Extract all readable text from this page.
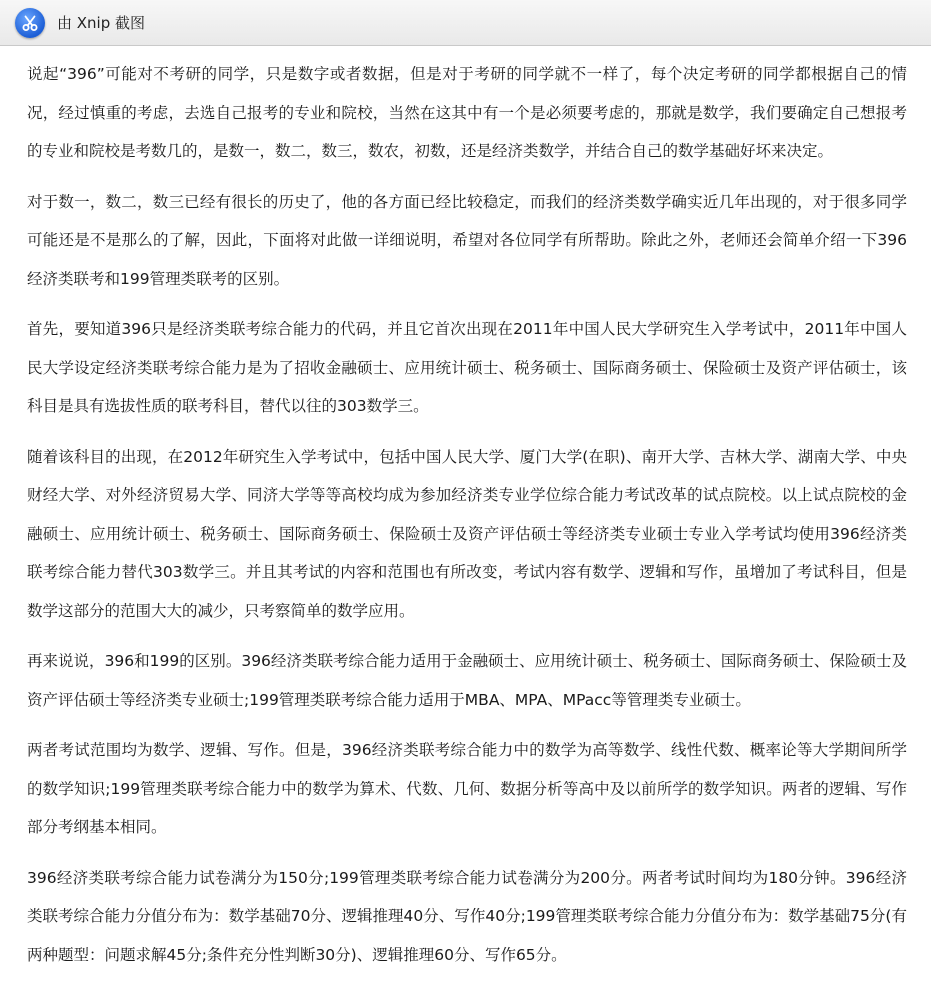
由 Xnip 截图

说起“396”可能对不考研的同学，只是数字或者数据，但是对于考研的同学就不一样了，每个决定考研的同学都根据自己的情况，经过慎重的考虑，去选自己报考的专业和院校，当然在这其中有一个是必须要考虑的，那就是数学，我们要确定自己想报考的专业和院校是考数几的，是数一，数二，数三，数农，初数，还是经济类数学，并结合自己的数学基础好坏来决定。

对于数一，数二，数三已经有很长的历史了，他的各方面已经比较稳定，而我们的经济类数学确实近几年出现的，对于很多同学可能还是不是那么的了解，因此，下面将对此做一详细说明，希望对各位同学有所帮助。除此之外，老师还会简单介绍一下396经济类联考和199管理类联考的区别。

首先，要知道396只是经济类联考综合能力的代码，并且它首次出现在2011年中国人民大学研究生入学考试中，2011年中国人民大学设定经济类联考综合能力是为了招收金融硕士、应用统计硕士、税务硕士、国际商务硕士、保险硕士及资产评估硕士，该科目是具有选拔性质的联考科目，替代以往的303数学三。

随着该科目的出现，在2012年研究生入学考试中，包括中国人民大学、厦门大学(在职)、南开大学、吉林大学、湖南大学、中央财经大学、对外经济贸易大学、同济大学等等高校均成为参加经济类专业学位综合能力考试改革的试点院校。以上试点院校的金融硕士、应用统计硕士、税务硕士、国际商务硕士、保险硕士及资产评估硕士等经济类专业硕士专业入学考试均使用396经济类联考综合能力替代303数学三。并且其考试的内容和范围也有所改变，考试内容有数学、逻辑和写作，虽增加了考试科目，但是数学这部分的范围大大的减少，只考察简单的数学应用。

再来说说，396和199的区别。396经济类联考综合能力适用于金融硕士、应用统计硕士、税务硕士、国际商务硕士、保险硕士及资产评估硕士等经济类专业硕士;199管理类联考综合能力适用于MBA、MPA、MPacc等管理类专业硕士。

两者考试范围均为数学、逻辑、写作。但是，396经济类联考综合能力中的数学为高等数学、线性代数、概率论等大学期间所学的数学知识;199管理类联考综合能力中的数学为算术、代数、几何、数据分析等高中及以前所学的数学知识。两者的逻辑、写作部分考纲基本相同。

396经济类联考综合能力试卷满分为150分;199管理类联考综合能力试卷满分为200分。两者考试时间均为180分钟。396经济类联考综合能力分值分布为：数学基础70分、逻辑推理40分、写作40分;199管理类联考综合能力分值分布为：数学基础75分(有两种题型：问题求解45分;条件充分性判断30分)、逻辑推理60分、写作65分。
